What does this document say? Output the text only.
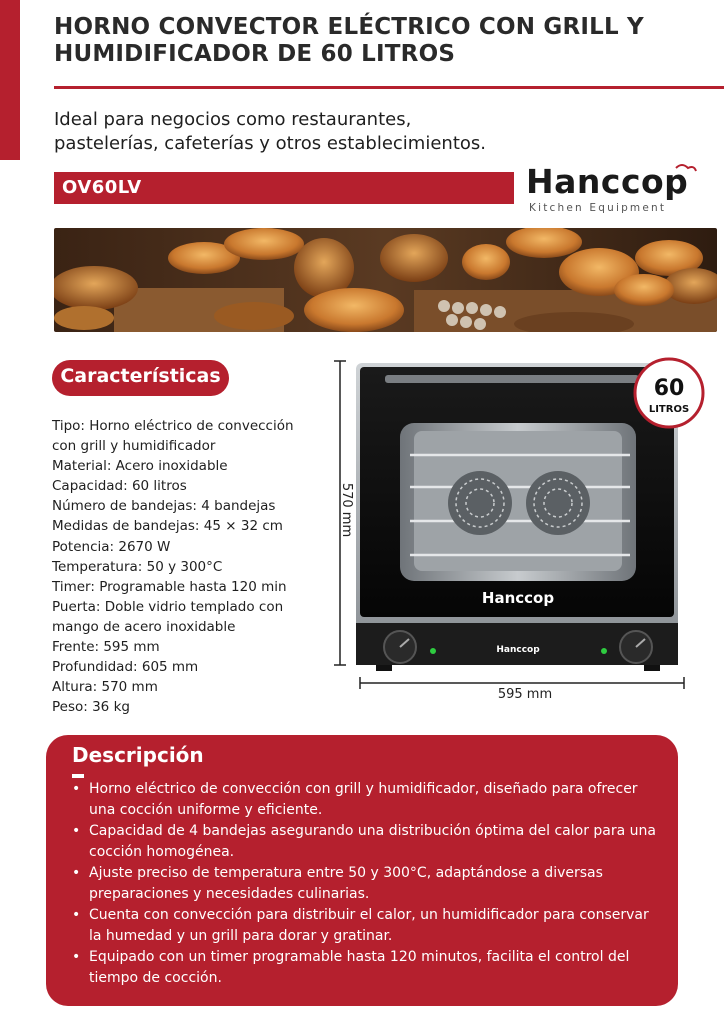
HORNO CONVECTOR ELÉCTRICO CON GRILL Y
HUMIDIFICADOR DE 60 LITROS

Ideal para negocios como restaurantes,
pastelerías, cafeterías y otros establecimientos.

OV60LV	Hanccop
Kitchen Equipment
Características
Tipo: Horno eléctrico de convección
con grill y humidificador
Material: Acero inoxidable
Capacidad: 60 litros
Número de bandejas: 4 bandejas
Medidas de bandejas: 45 × 32 cm
Potencia: 2670 W
Temperatura: 50 y 300°C
Timer: Programable hasta 120 min
Puerta: Doble vidrio templado con
mango de acero inoxidable
Frente: 595 mm
Profundidad: 605 mm
Altura: 570 mm
Peso: 36 kg
Hanccop
Hanccop
60
LITROS
570 mm
595 mm
Descripción
• Horno eléctrico de convección con grill y humidificador, diseñado para ofrecer
una cocción uniforme y eficiente.
• Capacidad de 4 bandejas asegurando una distribución óptima del calor para una
cocción homogénea.
• Ajuste preciso de temperatura entre 50 y 300°C, adaptándose a diversas
preparaciones y necesidades culinarias.
• Cuenta con convección para distribuir el calor, un humidificador para conservar
la humedad y un grill para dorar y gratinar.
• Equipado con un timer programable hasta 120 minutos, facilita el control del
tiempo de cocción.
